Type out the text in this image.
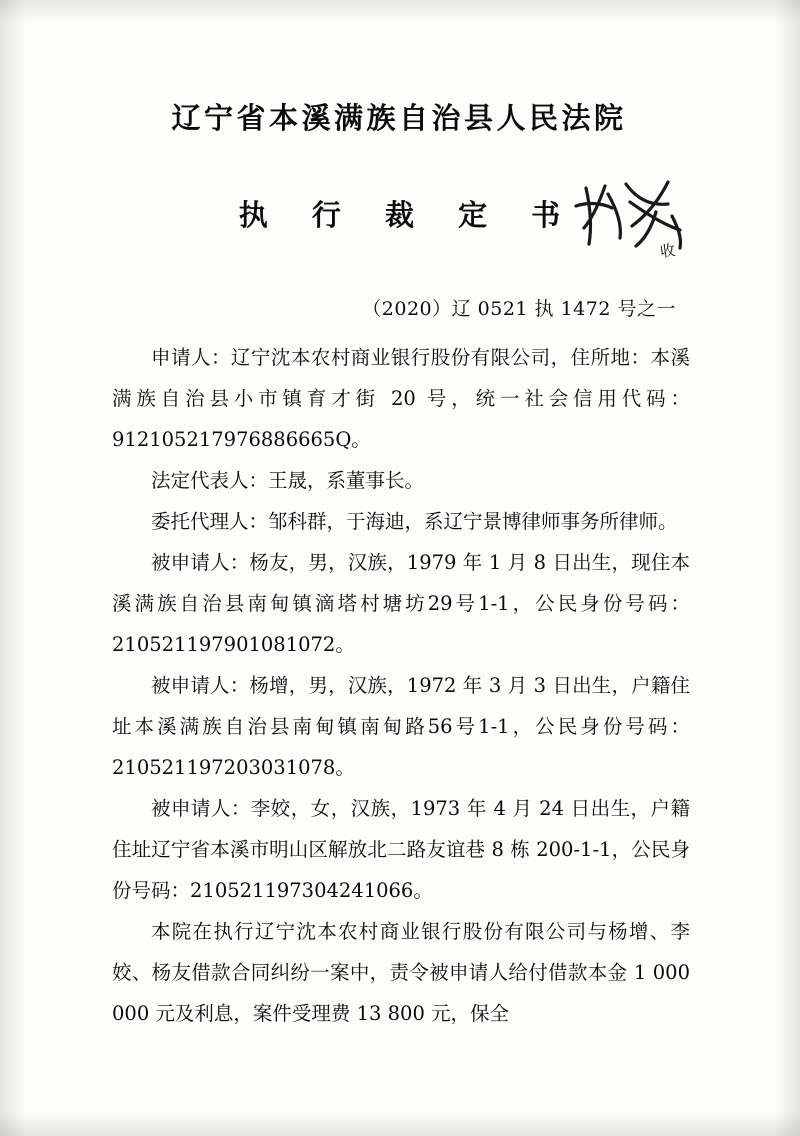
辽宁省本溪满族自治县人民法院
执 行 裁 定 书
（2020）辽 0521 执 1472 号之一

申请人：辽宁沈本农村商业银行股份有限公司，住所地：本溪满族自治县小市镇育才街 20 号，统一社会信用代码：912105217976886665Q。

法定代表人：王晟，系董事长。

委托代理人：邹科群，于海迪，系辽宁景博律师事务所律师。

被申请人：杨友，男，汉族，1979 年 1 月 8 日出生，现住本溪满族自治县南甸镇滴塔村塘坊29号1-1，公民身份号码：210521197901081072。

被申请人：杨增，男，汉族，1972 年 3 月 3 日出生，户籍住址本溪满族自治县南甸镇南甸路56号1-1，公民身份号码：210521197203031078。

被申请人：李姣，女，汉族，1973 年 4 月 24 日出生，户籍住址辽宁省本溪市明山区解放北二路友谊巷 8 栋 200-1-1，公民身份号码：210521197304241066。

本院在执行辽宁沈本农村商业银行股份有限公司与杨增、李姣、杨友借款合同纠纷一案中，责令被申请人给付借款本金 1 000 000 元及利息，案件受理费 13 800 元，保全

收
